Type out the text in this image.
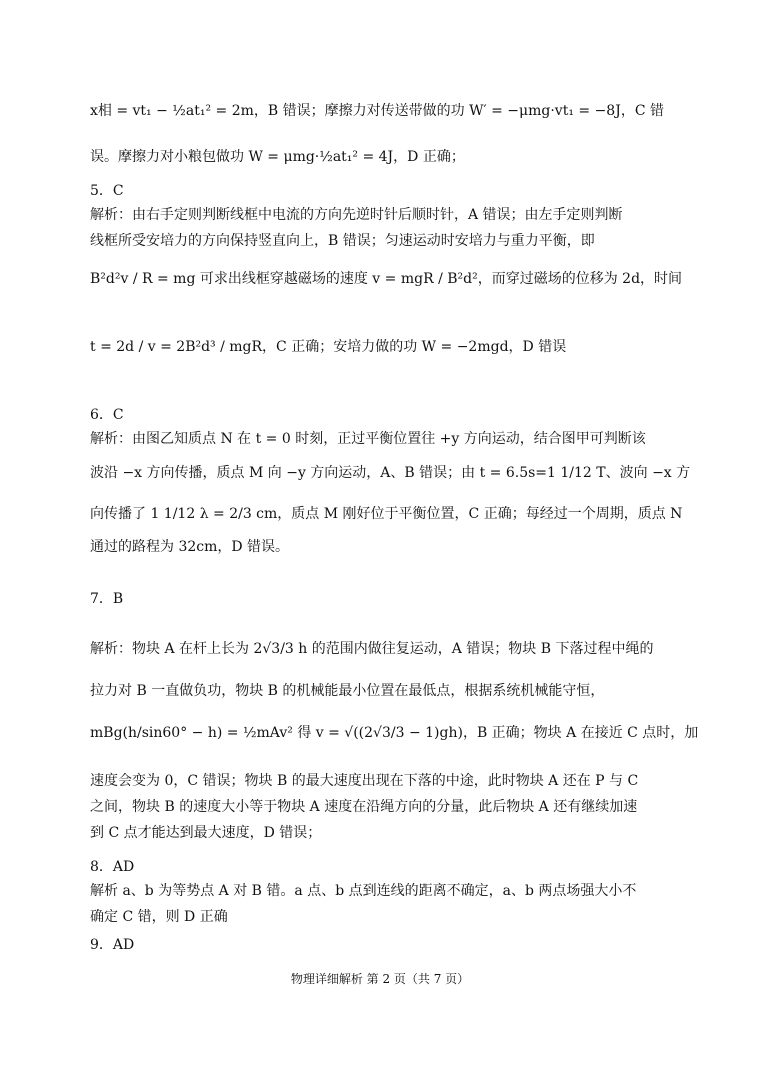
x相 = vt₁ − ½at₁² = 2m，B 错误；摩擦力对传送带做的功 W′ = −μmg·vt₁ = −8J，C 错
误。摩擦力对小粮包做功 W = μmg·½at₁² = 4J，D 正确；
5．C
解析：由右手定则判断线框中电流的方向先逆时针后顺时针，A 错误；由左手定则判断
线框所受安培力的方向保持竖直向上，B 错误；匀速运动时安培力与重力平衡，即
B²d²v / R = mg 可求出线框穿越磁场的速度 v = mgR / B²d²，而穿过磁场的位移为 2d，时间
t = 2d / v = 2B²d³ / mgR，C 正确；安培力做的功 W = −2mgd，D 错误
6．C
解析：由图乙知质点 N 在 t = 0 时刻，正过平衡位置往 +y 方向运动，结合图甲可判断该
波沿 −x 方向传播，质点 M 向 −y 方向运动，A、B 错误；由 t = 6.5s=1 1/12 T、波向 −x 方
向传播了 1 1/12 λ = 2/3 cm，质点 M 刚好位于平衡位置，C 正确；每经过一个周期，质点 N
通过的路程为 32cm，D 错误。
7．B
解析：物块 A 在杆上长为 2√3/3 h 的范围内做往复运动，A 错误；物块 B 下落过程中绳的
拉力对 B 一直做负功，物块 B 的机械能最小位置在最低点，根据系统机械能守恒，
mBg(h/sin60° − h) = ½mAv² 得 v = √((2√3/3 − 1)gh)，B 正确；物块 A 在接近 C 点时，加
速度会变为 0，C 错误；物块 B 的最大速度出现在下落的中途，此时物块 A 还在 P 与 C
之间，物块 B 的速度大小等于物块 A 速度在沿绳方向的分量，此后物块 A 还有继续加速
到 C 点才能达到最大速度，D 错误；
8．AD
解析 a、b 为等势点 A 对 B 错。a 点、b 点到连线的距离不确定，a、b 两点场强大小不
确定 C 错，则 D 正确
9．AD
物理详细解析 第 2 页（共 7 页）
